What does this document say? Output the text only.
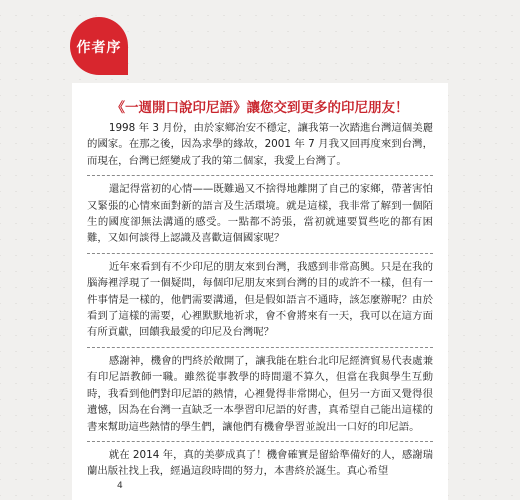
作者序
《一週開口說印尼語》讓您交到更多的印尼朋友！

1998 年 3 月份，由於家鄉治安不穩定，讓我第一次踏進台灣這個美麗的國家。在那之後，因為求學的緣故，2001 年 7 月我又回再度來到台灣，而現在，台灣已經變成了我的第二個家，我愛上台灣了。

還記得當初的心情——既難過又不捨得地離開了自己的家鄉，帶著害怕又緊張的心情來面對新的語言及生活環境。就是這樣，我非常了解到一個陌生的國度卻無法溝通的感受。一點都不誇張，當初就連要買些吃的都有困難，又如何談得上認識及喜歡這個國家呢？

近年來看到有不少印尼的朋友來到台灣，我感到非常高興。只是在我的腦海裡浮現了一個疑問，每個印尼朋友來到台灣的目的或許不一樣，但有一件事情是一樣的，他們需要溝通，但是假如語言不通時，該怎麼辦呢？由於看到了這樣的需要，心裡默默地祈求，會不會將來有一天，我可以在這方面有所貢獻，回饋我最愛的印尼及台灣呢？

感謝神，機會的門終於敞開了，讓我能在駐台北印尼經濟貿易代表處兼有印尼語教師一職。雖然從事教學的時間還不算久，但當在我與學生互動時，我看到他們對印尼語的熱情，心裡覺得非常開心，但另一方面又覺得很遺憾，因為在台灣一直缺乏一本學習印尼語的好書，真希望自己能出這樣的書來幫助這些熱情的學生們，讓他們有機會學習並說出一口好的印尼語。

就在 2014 年，真的美夢成真了！機會確實是留給準備好的人，感謝瑞蘭出版社找上我，經過這段時間的努力，本書終於誕生。真心希望

4
